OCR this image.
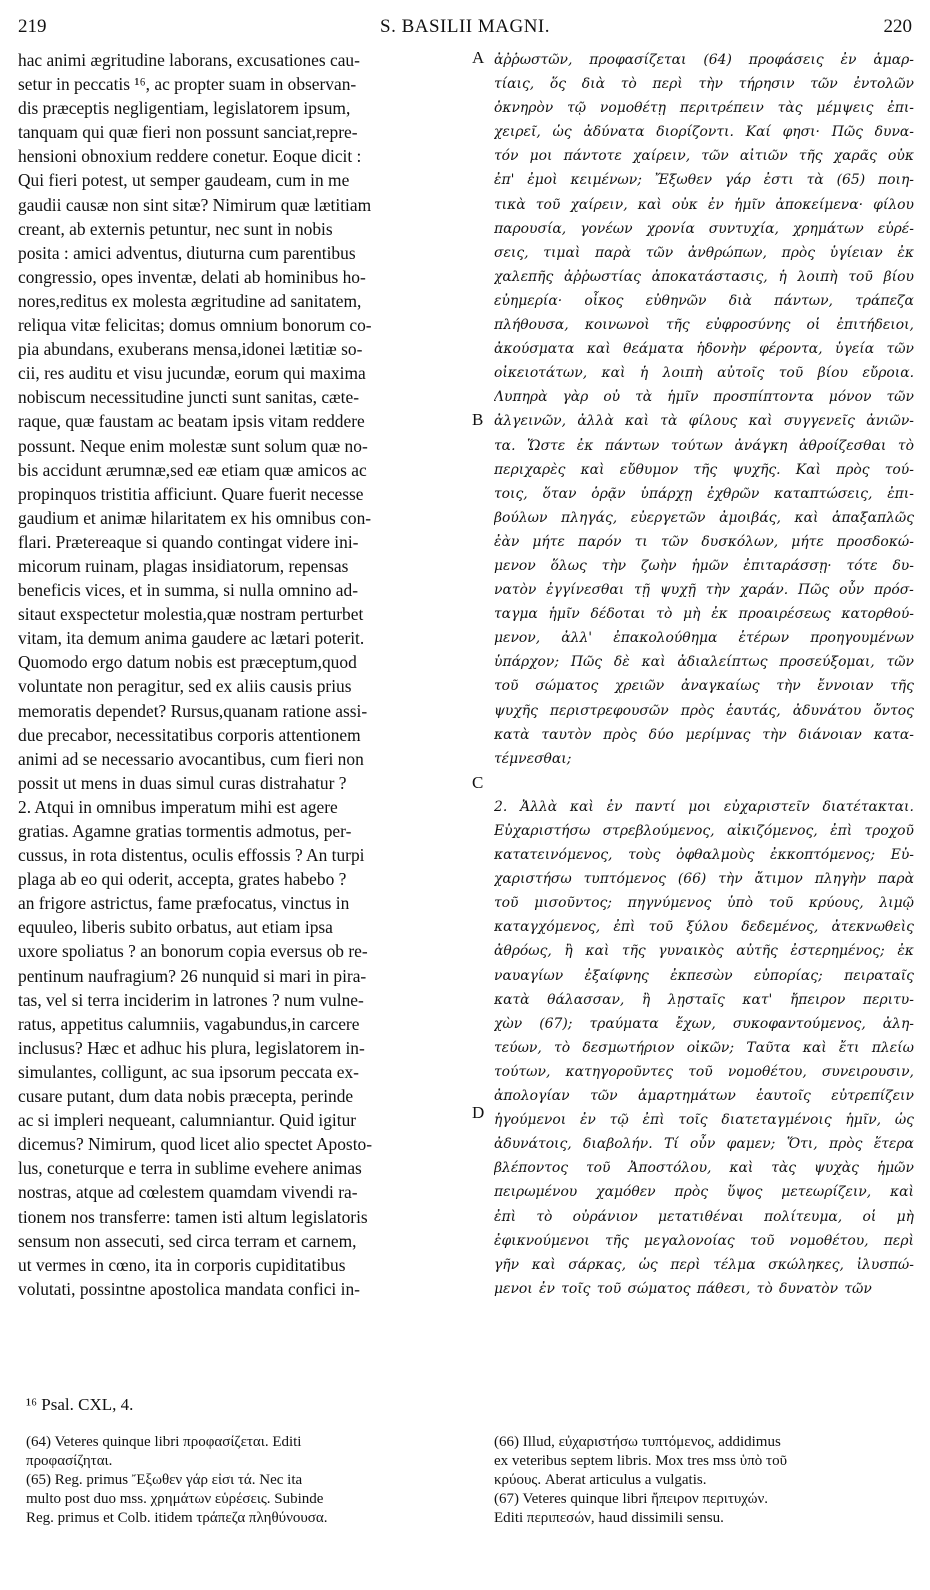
219	S. BASILII MAGNI.	220
hac animi ægritudine laborans, excusationes cau-
setur in peccatis ¹⁶, ac propter suam in observan-
dis præceptis negligentiam, legislatorem ipsum,
tanquam qui quæ fieri non possunt sanciat,repre-
hensioni obnoxium reddere conetur. Eoque dicit :
Qui fieri potest, ut semper gaudeam, cum in me
gaudii causæ non sint sitæ? Nimirum quæ lætitiam
creant, ab externis petuntur, nec sunt in nobis
posita : amici adventus, diuturna cum parentibus
congressio, opes inventæ, delati ab hominibus ho-
nores,reditus ex molesta ægritudine ad sanitatem,
reliqua vitæ felicitas; domus omnium bonorum co-
pia abundans, exuberans mensa,idonei lætitiæ so-
cii, res auditu et visu jucundæ, eorum qui maxima
nobiscum necessitudine juncti sunt sanitas, cæte-
raque, quæ faustam ac beatam ipsis vitam reddere
possunt. Neque enim molestæ sunt solum quæ no-
bis accidunt ærumnæ,sed eæ etiam quæ amicos ac
propinquos tristitia afficiunt. Quare fuerit necesse
gaudium et animæ hilaritatem ex his omnibus con-
flari. Prætereaque si quando contingat videre ini-
micorum ruinam, plagas insidiatorum, repensas
beneficis vices, et in summa, si nulla omnino ad-
sitaut exspectetur molestia,quæ nostram perturbet
vitam, ita demum anima gaudere ac lætari poterit.
Quomodo ergo datum nobis est præceptum,quod
voluntate non peragitur, sed ex aliis causis prius
memoratis dependet? Rursus,quanam ratione assi-
due precabor, necessitatibus corporis attentionem
animi ad se necessario avocantibus, cum fieri non
possit ut mens in duas simul curas distrahatur ?
2. Atqui in omnibus imperatum mihi est agere
gratias. Agamne gratias tormentis admotus, per-
cussus, in rota distentus, oculis effossis ? An turpi
plaga ab eo qui oderit, accepta, grates habebo ?
an frigore astrictus, fame præfocatus, vinctus in
equuleo, liberis subito orbatus, aut etiam ipsa
uxore spoliatus ? an bonorum copia eversus ob re-
pentinum naufragium? 26 nunquid si mari in pira-
tas, vel si terra inciderim in latrones ? num vulne-
ratus, appetitus calumniis, vagabundus,in carcere
inclusus? Hæc et adhuc his plura, legislatorem in-
simulantes, colligunt, ac sua ipsorum peccata ex-
cusare putant, dum data nobis præcepta, perinde
ac si impleri nequeant, calumniantur. Quid igitur
dicemus? Nimirum, quod licet alio spectet Aposto-
lus, coneturque e terra in sublime evehere animas
nostras, atque ad cœlestem quamdam vivendi ra-
tionem nos transferre: tamen isti altum legislatoris
sensum non assecuti, sed circa terram et carnem,
ut vermes in cœno, ita in corporis cupiditatibus
volutati, possintne apostolica mandata confici in-
ἀῤῥωστῶν, προφασίζεται (64) προφάσεις ἐν ἁμαρ-
τίαις, ὅς διὰ τὸ περὶ τὴν τήρησιν τῶν ἐντολῶν
ὀκνηρὸν τῷ νομοθέτῃ περιτρέπειν τὰς μέμψεις ἐπι-
χειρεῖ, ὡς ἀδύνατα διορίζοντι. Καί φησι· Πῶς δυνα-
τόν μοι πάντοτε χαίρειν, τῶν αἰτιῶν τῆς χαρᾶς οὐκ
ἐπ' ἐμοὶ κειμένων; Ἔξωθεν γάρ ἐστι τὰ (65) ποιη-
τικὰ τοῦ χαίρειν, καὶ οὐκ ἐν ἡμῖν ἀποκείμενα· φίλου
παρουσία, γονέων χρονία συντυχία, χρημάτων εὑρέ-
σεις, τιμαὶ παρὰ τῶν ἀνθρώπων, πρὸς ὑγίειαν ἐκ
χαλεπῆς ἀῤῥωστίας ἀποκατάστασις, ἡ λοιπὴ τοῦ βίου
εὐημερία· οἶκος εὐθηνῶν διὰ πάντων, τράπεζα
πλήθουσα, κοινωνοὶ τῆς εὐφροσύνης οἱ ἐπιτήδειοι,
ἀκούσματα καὶ θεάματα ἡδονὴν φέροντα, ὑγεία τῶν
οἰκειοτάτων, καὶ ἡ λοιπὴ αὐτοῖς τοῦ βίου εὔροια.
Λυπηρὰ γὰρ οὐ τὰ ἡμῖν προσπίπτοντα μόνον τῶν
ἀλγεινῶν, ἀλλὰ καὶ τὰ φίλους καὶ συγγενεῖς ἀνιῶν-
τα. Ὥστε ἐκ πάντων τούτων ἀνάγκη ἀθροίζεσθαι τὸ
περιχαρὲς καὶ εὔθυμον τῆς ψυχῆς. Καὶ πρὸς τού-
τοις, ὅταν ὁρᾷν ὑπάρχῃ ἐχθρῶν καταπτώσεις, ἐπι-
βούλων πληγάς, εὐεργετῶν ἀμοιβάς, καὶ ἁπαξαπλῶς
ἐὰν μήτε παρόν τι τῶν δυσκόλων, μήτε προσδοκώ-
μενον ὅλως τὴν ζωὴν ἡμῶν ἐπιταράσσῃ· τότε δυ-
νατὸν ἐγγίνεσθαι τῇ ψυχῇ τὴν χαράν. Πῶς οὖν πρόσ-
ταγμα ἡμῖν δέδοται τὸ μὴ ἐκ προαιρέσεως κατορθού-
μενον, ἀλλ' ἐπακολούθημα ἑτέρων προηγουμένων
ὑπάρχον; Πῶς δὲ καὶ ἀδιαλείπτως προσεύξομαι, τῶν
τοῦ σώματος χρειῶν ἀναγκαίως τὴν ἔννοιαν τῆς
ψυχῆς περιστρεφουσῶν πρὸς ἑαυτάς, ἀδυνάτου ὄντος
κατὰ ταυτὸν πρὸς δύο μερίμνας τὴν διάνοιαν κατα-
τέμνεσθαι;

2. Ἀλλὰ καὶ ἐν παντί μοι εὐχαριστεῖν διατέτακται.
Εὐχαριστήσω στρεβλούμενος, αἰκιζόμενος, ἐπὶ τροχοῦ
κατατεινόμενος, τοὺς ὀφθαλμοὺς ἐκκοπτόμενος; Εὐ-
χαριστήσω τυπτόμενος (66) τὴν ἄτιμον πληγὴν παρὰ
τοῦ μισοῦντος; πηγνύμενος ὑπὸ τοῦ κρύους, λιμῷ
καταγχόμενος, ἐπὶ τοῦ ξύλου δεδεμένος, ἀτεκνωθεὶς
ἀθρόως, ἢ καὶ τῆς γυναικὸς αὐτῆς ἐστερημένος; ἐκ
ναυαγίων ἐξαίφνης ἐκπεσὼν εὐπορίας; πειραταῖς
κατὰ θάλασσαν, ἢ λῃσταῖς κατ' ἤπειρον περιτυ-
χὼν (67); τραύματα ἔχων, συκοφαντούμενος, ἀλη-
τεύων, τὸ δεσμωτήριον οἰκῶν; Ταῦτα καὶ ἔτι πλείω
τούτων, κατηγοροῦντες τοῦ νομοθέτου, συνειρουσιν,
ἀπολογίαν τῶν ἁμαρτημάτων ἑαυτοῖς εὐτρεπίζειν
ἡγούμενοι ἐν τῷ ἐπὶ τοῖς διατεταγμένοις ἡμῖν, ὡς
ἀδυνάτοις, διαβολήν. Τί οὖν φαμεν; Ὅτι, πρὸς ἕτερα
βλέποντος τοῦ Ἀποστόλου, καὶ τὰς ψυχὰς ἡμῶν
πειρωμένου χαμόθεν πρὸς ὕψος μετεωρίζειν, καὶ
ἐπὶ τὸ οὐράνιον μετατιθέναι πολίτευμα, οἱ μὴ
ἐφικνούμενοι τῆς μεγαλονοίας τοῦ νομοθέτου, περὶ
γῆν καὶ σάρκας, ὡς περὶ τέλμα σκώληκες, ἰλυσπώ-
μενοι ἐν τοῖς τοῦ σώματος πάθεσι, τὸ δυνατὸν τῶν
A
B
C
D
¹⁶ Psal. CXL, 4.
(64) Veteres quinque libri προφασίζεται. Editi
προφασίζηται.
(65) Reg. primus Ἔξωθεν γάρ εἰσι τά. Nec ita
multo post duo mss. χρημάτων εὑρέσεις. Subinde
Reg. primus et Colb. itidem τράπεζα πληθύνουσα.
(66) Illud, εὐχαριστήσω τυπτόμενος, addidimus
ex veteribus septem libris. Mox tres mss ὑπὸ τοῦ
κρύους. Aberat articulus a vulgatis.
(67) Veteres quinque libri ἤπειρον περιτυχών.
Editi περιπεσών, haud dissimili sensu.
